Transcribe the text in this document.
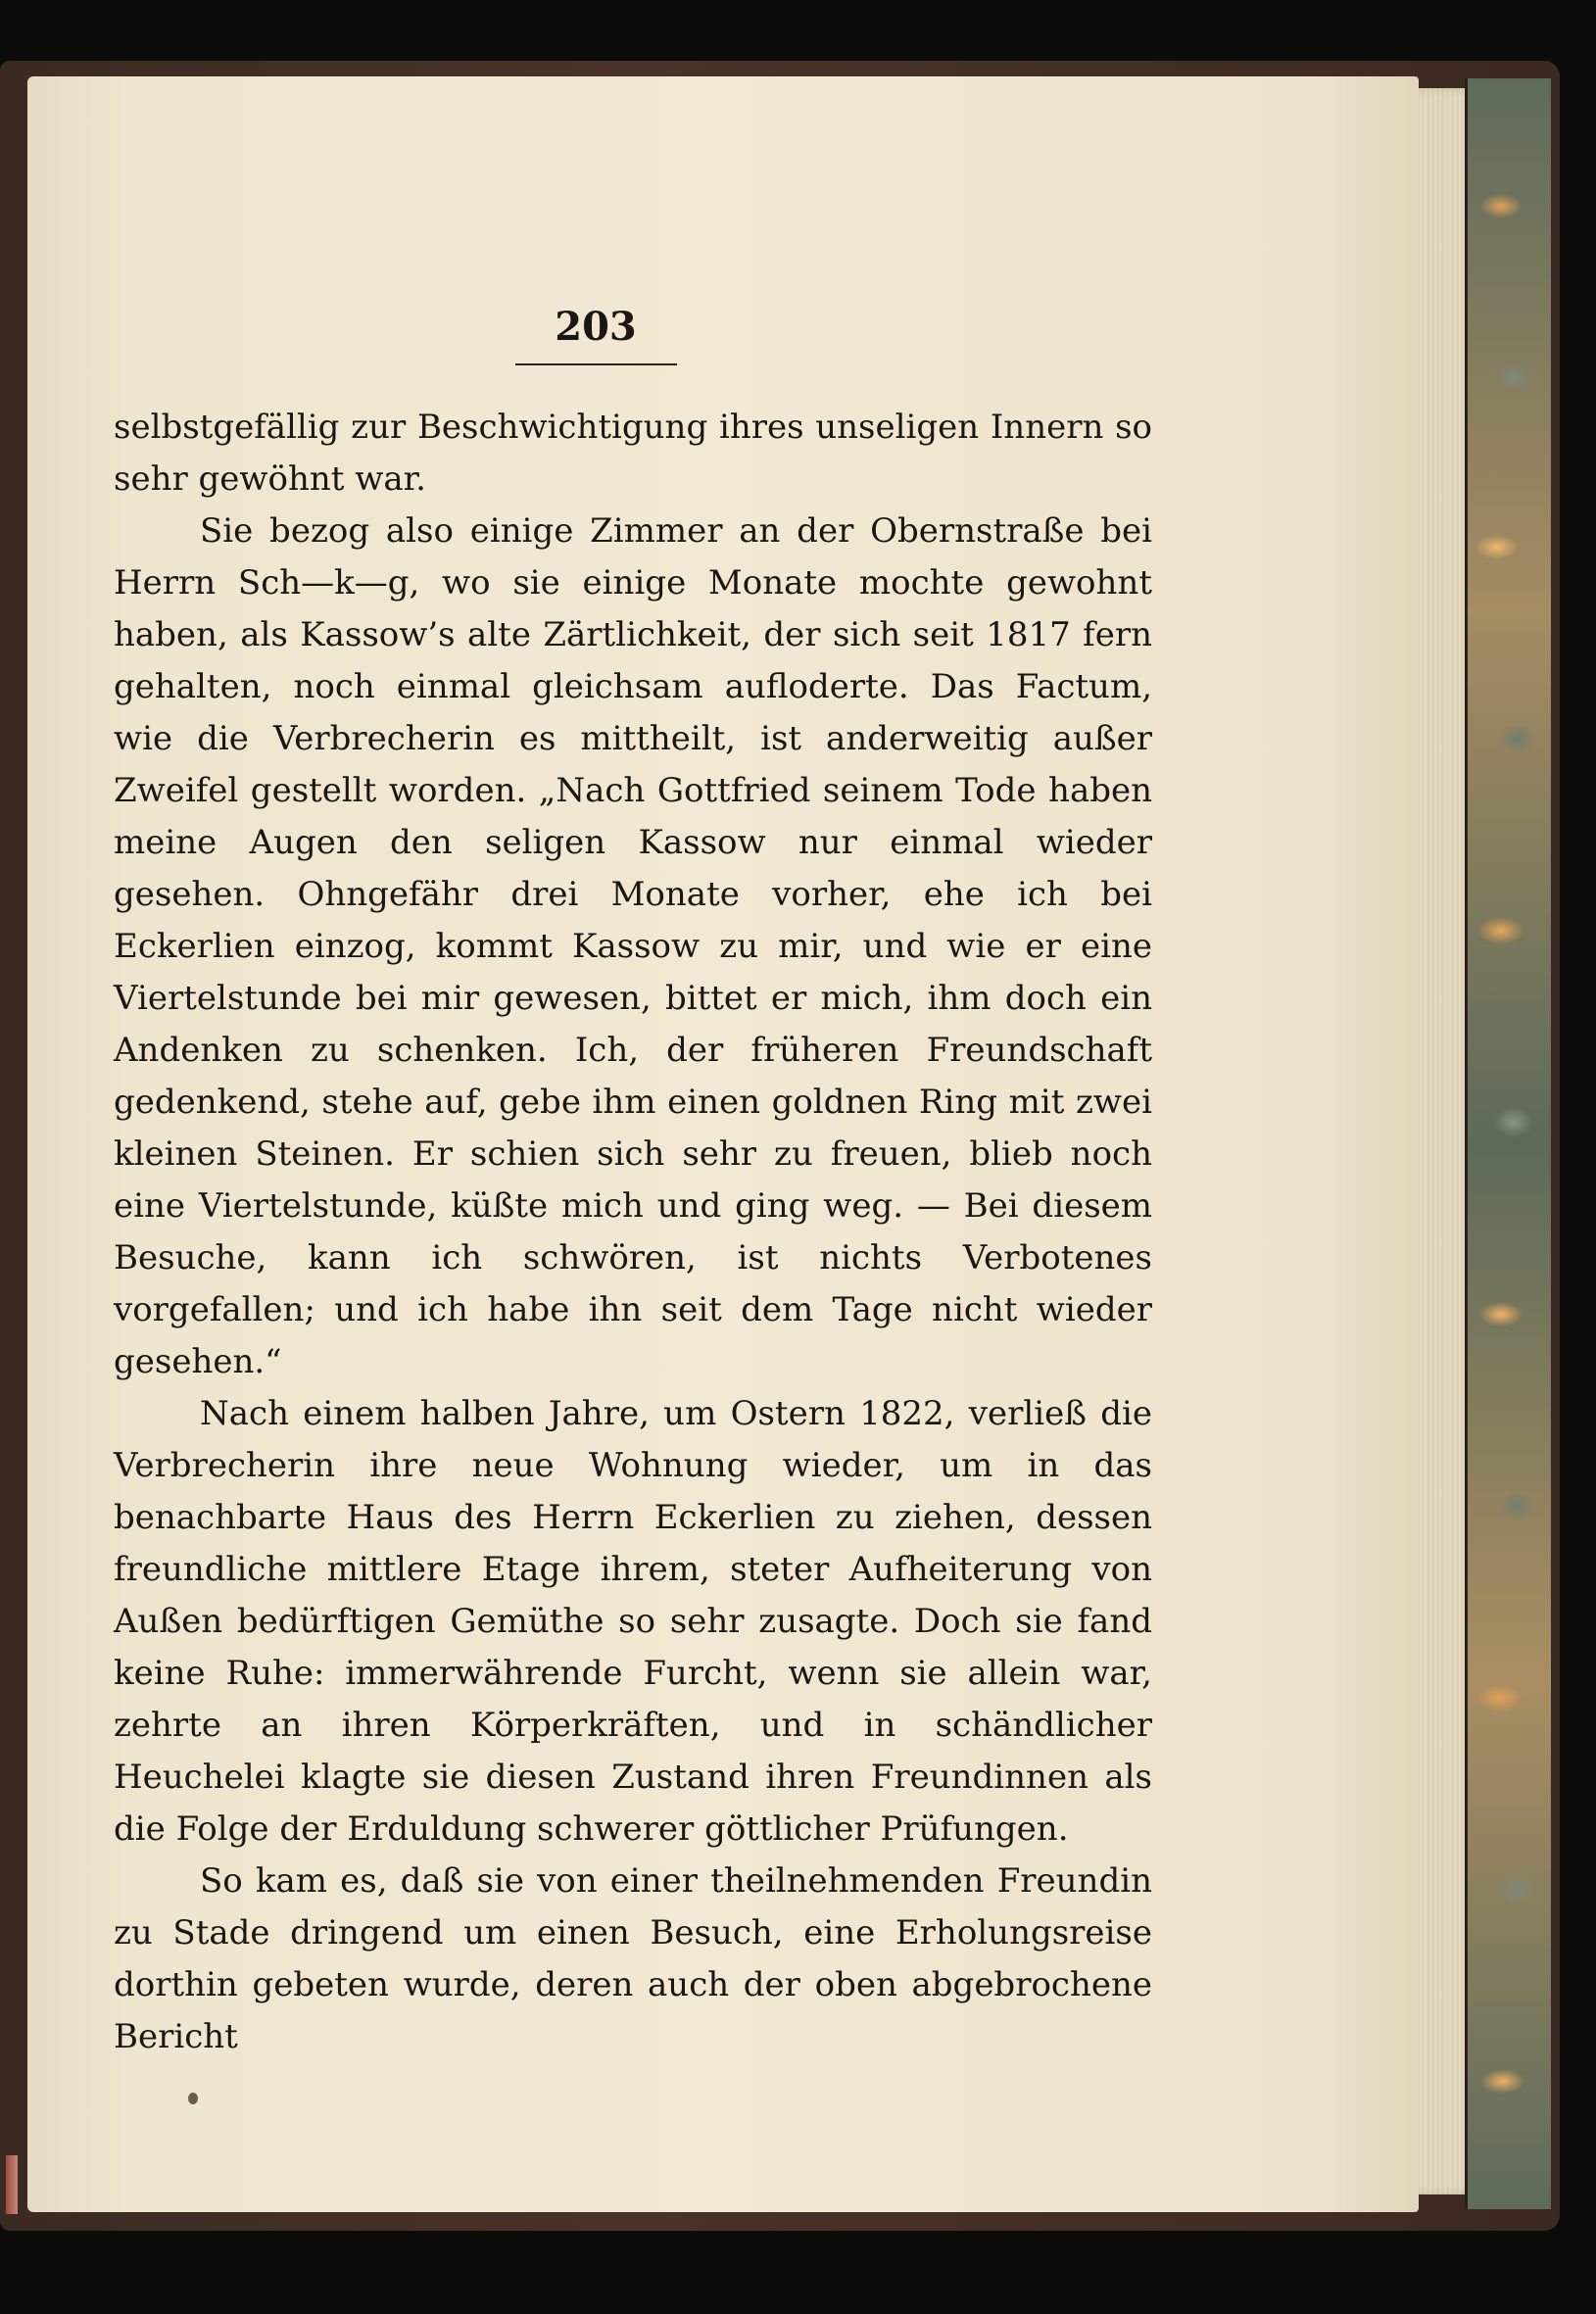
203

selbstgefällig zur Beschwichtigung ihres unseligen Innern so sehr gewöhnt war.

Sie bezog also einige Zimmer an der Obernstraße bei Herrn Sch—k—g, wo sie einige Monate mochte gewohnt haben, als Kassow’s alte Zärtlichkeit, der sich seit 1817 fern gehalten, noch einmal gleichsam aufloderte. Das Factum, wie die Verbrecherin es mittheilt, ist anderweitig außer Zweifel gestellt worden. „Nach Gottfried seinem Tode haben meine Augen den seligen Kassow nur einmal wieder gesehen. Ohngefähr drei Monate vorher, ehe ich bei Eckerlien einzog, kommt Kassow zu mir, und wie er eine Viertelstunde bei mir gewesen, bittet er mich, ihm doch ein Andenken zu schenken. Ich, der früheren Freundschaft gedenkend, stehe auf, gebe ihm einen goldnen Ring mit zwei kleinen Steinen. Er schien sich sehr zu freuen, blieb noch eine Viertelstunde, küßte mich und ging weg. — Bei diesem Besuche, kann ich schwören, ist nichts Verbotenes vorgefallen; und ich habe ihn seit dem Tage nicht wieder gesehen.“

Nach einem halben Jahre, um Ostern 1822, verließ die Verbrecherin ihre neue Wohnung wieder, um in das benachbarte Haus des Herrn Eckerlien zu ziehen, dessen freundliche mittlere Etage ihrem, steter Aufheiterung von Außen bedürftigen Gemüthe so sehr zusagte. Doch sie fand keine Ruhe: immerwährende Furcht, wenn sie allein war, zehrte an ihren Körperkräften, und in schändlicher Heuchelei klagte sie diesen Zustand ihren Freundinnen als die Folge der Erduldung schwerer göttlicher Prüfungen.

So kam es, daß sie von einer theilnehmenden Freundin zu Stade dringend um einen Besuch, eine Erholungsreise dorthin gebeten wurde, deren auch der oben abgebrochene Bericht
